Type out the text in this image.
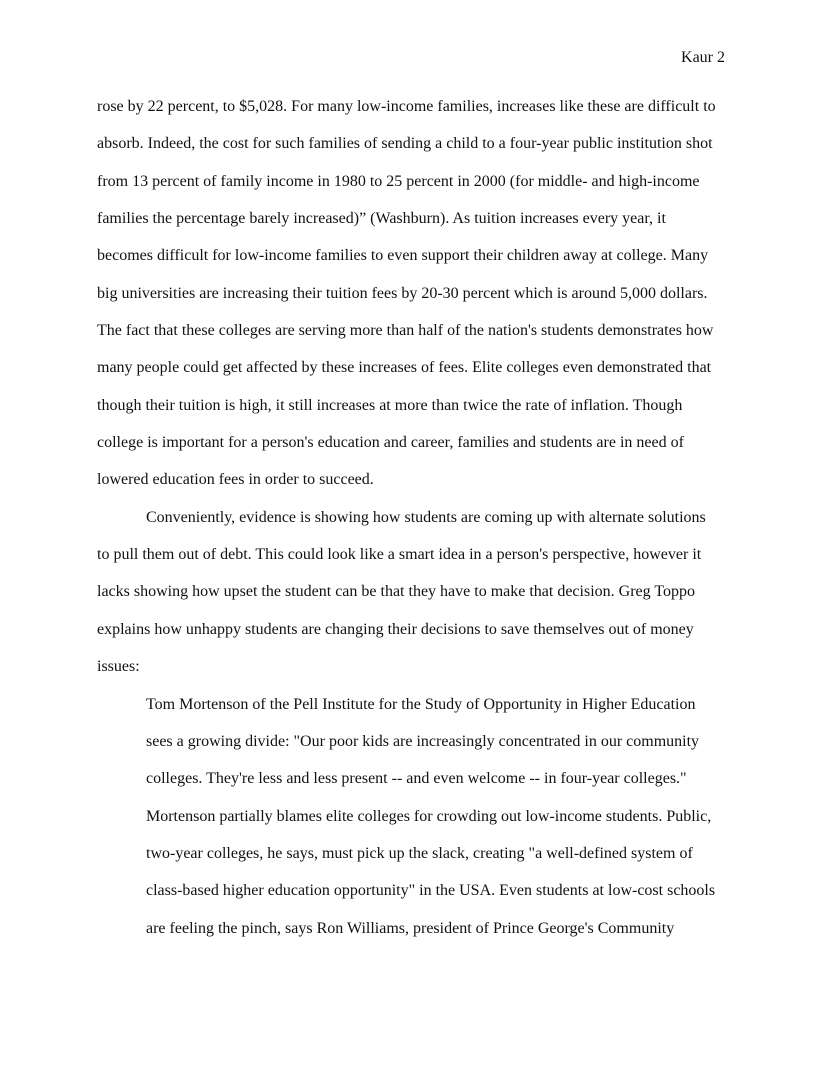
Kaur 2
rose by 22 percent, to $5,028. For many low-income families, increases like these are difficult to
absorb. Indeed, the cost for such families of sending a child to a four-year public institution shot
from 13 percent of family income in 1980 to 25 percent in 2000 (for middle- and high-income
families the percentage barely increased)” (Washburn). As tuition increases every year, it
becomes difficult for low-income families to even support their children away at college. Many
big universities are increasing their tuition fees by 20-30 percent which is around 5,000 dollars.
The fact that these colleges are serving more than half of the nation's students demonstrates how
many people could get affected by these increases of fees. Elite colleges even demonstrated that
though their tuition is high, it still increases at more than twice the rate of inflation. Though
college is important for a person's education and career, families and students are in need of
lowered education fees in order to succeed.
Conveniently, evidence is showing how students are coming up with alternate solutions
to pull them out of debt. This could look like a smart idea in a person's perspective, however it
lacks showing how upset the student can be that they have to make that decision. Greg Toppo
explains how unhappy students are changing their decisions to save themselves out of money
issues:
Tom Mortenson of the Pell Institute for the Study of Opportunity in Higher Education
sees a growing divide: "Our poor kids are increasingly concentrated in our community
colleges. They're less and less present -- and even welcome -- in four-year colleges."
Mortenson partially blames elite colleges for crowding out low-income students. Public,
two-year colleges, he says, must pick up the slack, creating "a well-defined system of
class-based higher education opportunity" in the USA. Even students at low-cost schools
are feeling the pinch, says Ron Williams, president of Prince George's Community
